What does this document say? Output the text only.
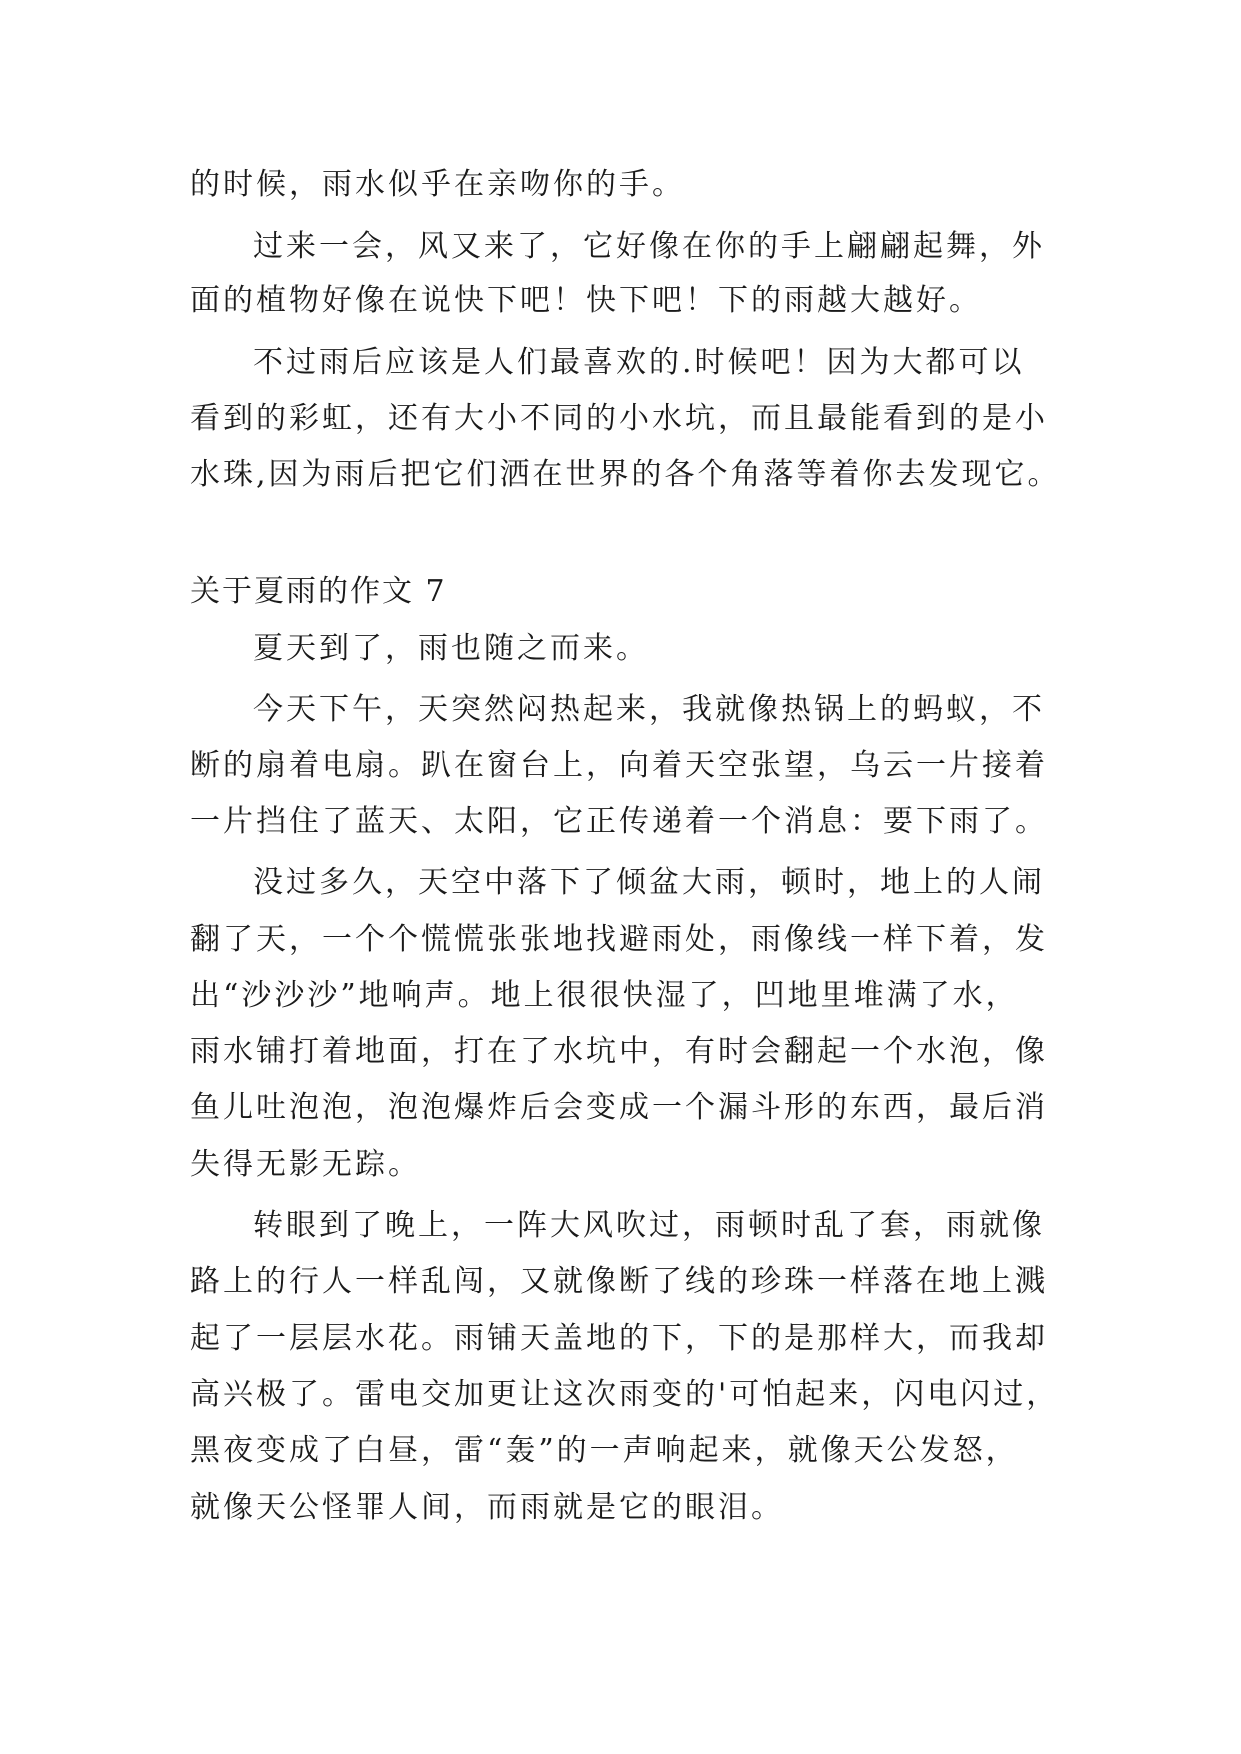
的时候，雨水似乎在亲吻你的手。
过来一会，风又来了，它好像在你的手上翩翩起舞，外
面的植物好像在说快下吧！快下吧！下的雨越大越好。
不过雨后应该是人们最喜欢的.时候吧！因为大都可以
看到的彩虹，还有大小不同的小水坑，而且最能看到的是小
水珠,因为雨后把它们洒在世界的各个角落等着你去发现它。
关于夏雨的作文 7
夏天到了，雨也随之而来。
今天下午，天突然闷热起来，我就像热锅上的蚂蚁，不
断的扇着电扇。趴在窗台上，向着天空张望，乌云一片接着
一片挡住了蓝天、太阳，它正传递着一个消息：要下雨了。
没过多久，天空中落下了倾盆大雨，顿时，地上的人闹
翻了天，一个个慌慌张张地找避雨处，雨像线一样下着，发
出“沙沙沙”地响声。地上很很快湿了，凹地里堆满了水，
雨水铺打着地面，打在了水坑中，有时会翻起一个水泡，像
鱼儿吐泡泡，泡泡爆炸后会变成一个漏斗形的东西，最后消
失得无影无踪。
转眼到了晚上，一阵大风吹过，雨顿时乱了套，雨就像
路上的行人一样乱闯，又就像断了线的珍珠一样落在地上溅
起了一层层水花。雨铺天盖地的下，下的是那样大，而我却
高兴极了。雷电交加更让这次雨变的'可怕起来，闪电闪过，
黑夜变成了白昼，雷“轰”的一声响起来，就像天公发怒，
就像天公怪罪人间，而雨就是它的眼泪。
